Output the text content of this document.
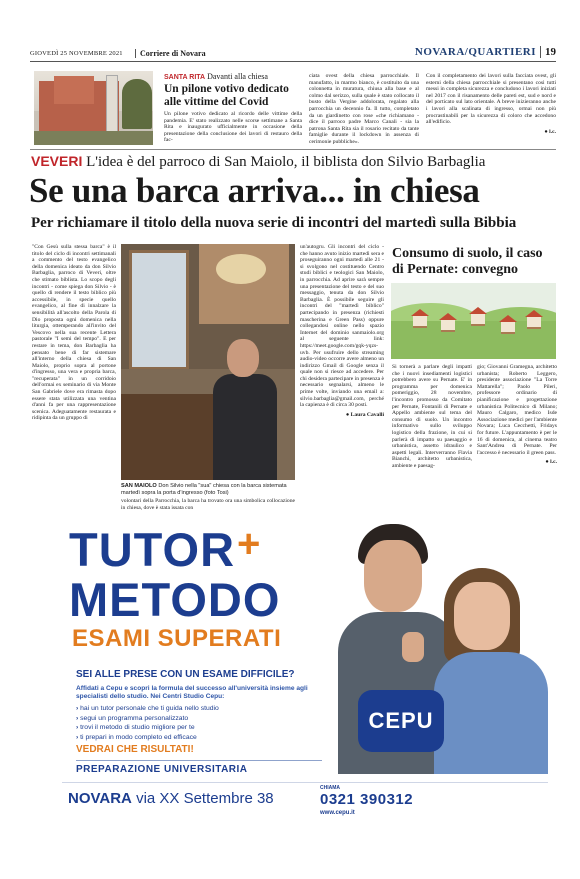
GIOVEDÌ 25 NOVEMBRE 2021	Corriere di Novara	NOVARA/QUARTIERI 19
SANTA RITA Davanti alla chiesa
Un pilone votivo dedicato alle vittime del Covid
Un pilone votivo dedicato al ricordo delle vittime della pandemia. E' stato realizzato nelle scorse settimane a Santa Rita e inaugurato ufficialmente in occasione della presentazione della conclusione dei lavori di restauro della fac-
ciata ovest della chiesa parrocchiale. Il manufatto, in marmo bianco, è costituito da una colonnetta in muratura, chiusa alla base e al colmo dal serizzo, sulla quale è stato collocato il busto della Vergine addolorata, regalato alla parrocchia un decennio fa. Il tutto, completato da un giardinetto con rose «che richiamano - dice il parroco padre Marco Canali - sia la patrona Santa Rita sia il rosario recitato da tante famiglie durante il lockdown in assenza di cerimonie pubbliche».
Con il completamento dei lavori sulla facciata ovest, gli esterni della chiesa parrocchiale si presentano così tutti messi in completa sicurezza e concludono i lavori iniziati nel 2017 con il risanamento delle pareti est, sud e nord e del porticato sul lato orientale. A breve inizieranno anche i lavori alla scalinata di ingresso, ormai non più procrastinabili per la sicurezza di coloro che accedono all'edificio.
● l.c.
VEVERI L'idea è del parroco di San Maiolo, il biblista don Silvio Barbaglia
Se una barca arriva... in chiesa
Per richiamare il titolo della nuova serie di incontri del martedì sulla Bibbia
"Con Gesù sulla stessa barca" è il titolo del ciclo di incontri settimanali a commento del testo evangelico della domenica ideato da don Silvio Barbaglia, parroco di Veveri, oltre che stimato biblista. Lo scopo degli incontri - come spiega don Silvio - è quello di rendere il testo biblico più accessibile, in specie quello evangelico, al fine di innalzare la sensibilità all'ascolto della Parola di Dio proposta ogni domenica nella liturgia, ottemperando all'invito del Vescovo nella sua recente Lettera pastorale "I semi del tempo". E per restare in tema, don Barbaglia ha pensato bene di far sistemare all'interno della chiesa di San Maiolo, proprio sopra al portone d'ingresso, una vera e propria barca, "recuperata" in un corridoio dell'ormai ex seminario di via Monte San Gabriele dove era rimasta dopo essere stata utilizzata una ventina d'anni fa per una rappresentazione scenica. Adeguatamente restaurata e ridipinta da un gruppo di
SAN MAIOLO Don Silvio nella "sua" chiesa con la barca sistemata martedì sopra la porta d'ingresso (foto Tosi)
volontari della Parrocchia, la barca ha trovato ora una simbolica collocazione in chiesa, dove è stata issata con
un'autogru. Gli incontri del ciclo - che hanno avuto inizio martedì sera e proseguiranno ogni martedì alle 21 - si svolgono nel costituendo Centro studi biblici e teologici San Maiolo, in parrocchia. Ad aprire sarà sempre una presentazione del testo e del suo messaggio, tenuta da don Silvio Barbaglia. È possibile seguire gli incontri del "martedì biblico" partecipando in presenza (richiesti mascherina e Green Pass) oppure collegandosi online nello spazio Internet del dominio sanmaiolo.org al seguente link: https://meet.google.com/gqk-yqzs-uvb. Per usufruire dello streaming audio-video occorre avere almeno un indirizzo Gmail di Google senza il quale non si riesce ad accedere. Per chi desidera partecipare in presenza è necessario segnalarsi, almeno le prime volte, inviando una email a: silvio.barbaglia@gmail.com, perché la capienza è di circa 30 posti.
● Laura Cavalli
Consumo di suolo, il caso di Pernate: convegno
Si tornerà a parlare degli impatti che i nuovi insediamenti logistici potrebbero avere su Pernate. E' in programma per domenica pomeriggio, 28 novembre, l'incontro promosso da Comitato per Pernate, Fontanili di Pernate e Appello ambiente sul tema del consumo di suolo. Un incontro informativo sullo sviluppo logistico della frazione, in cui si parlerà di impatto su paesaggio e urbanistica, assetto idraulico e aspetti legali. Interverranno Flavia Bianchi, architetto urbanistica, ambiente e paesag-
gio; Giovanni Gramegna, architetto urbanista; Roberto Leggero, presidente associazione "La Torre Mattarella"; Paolo Pileri, professore ordinario di pianificazione e progettazione urbanistica Politecnico di Milano; Mauro Calgaro, medico Isde Associazione medici per l'ambiente Novara; Luca Cecchetti, Fridays for future. L'appuntamento è per le 16 di domenica, al cinema teatro Sant'Andrea di Pernate. Per l'accesso è necessario il green pass.
● l.c.
TUTOR +
METODO
ESAMI SUPERATI
SEI ALLE PRESE CON UN ESAME DIFFICILE?
Affidati a Cepu e scopri la formula del successo all'università insieme agli specialisti dello studio. Nei Centri Studio Cepu:
› hai un tutor personale che ti guida nello studio
› segui un programma personalizzato
› trovi il metodo di studio migliore per te
› ti prepari in modo completo ed efficace
VEDRAI CHE RISULTATI!
PREPARAZIONE UNIVERSITARIA
CEPU
NOVARA via XX Settembre 38
CHIAMA
0321 390312
www.cepu.it
